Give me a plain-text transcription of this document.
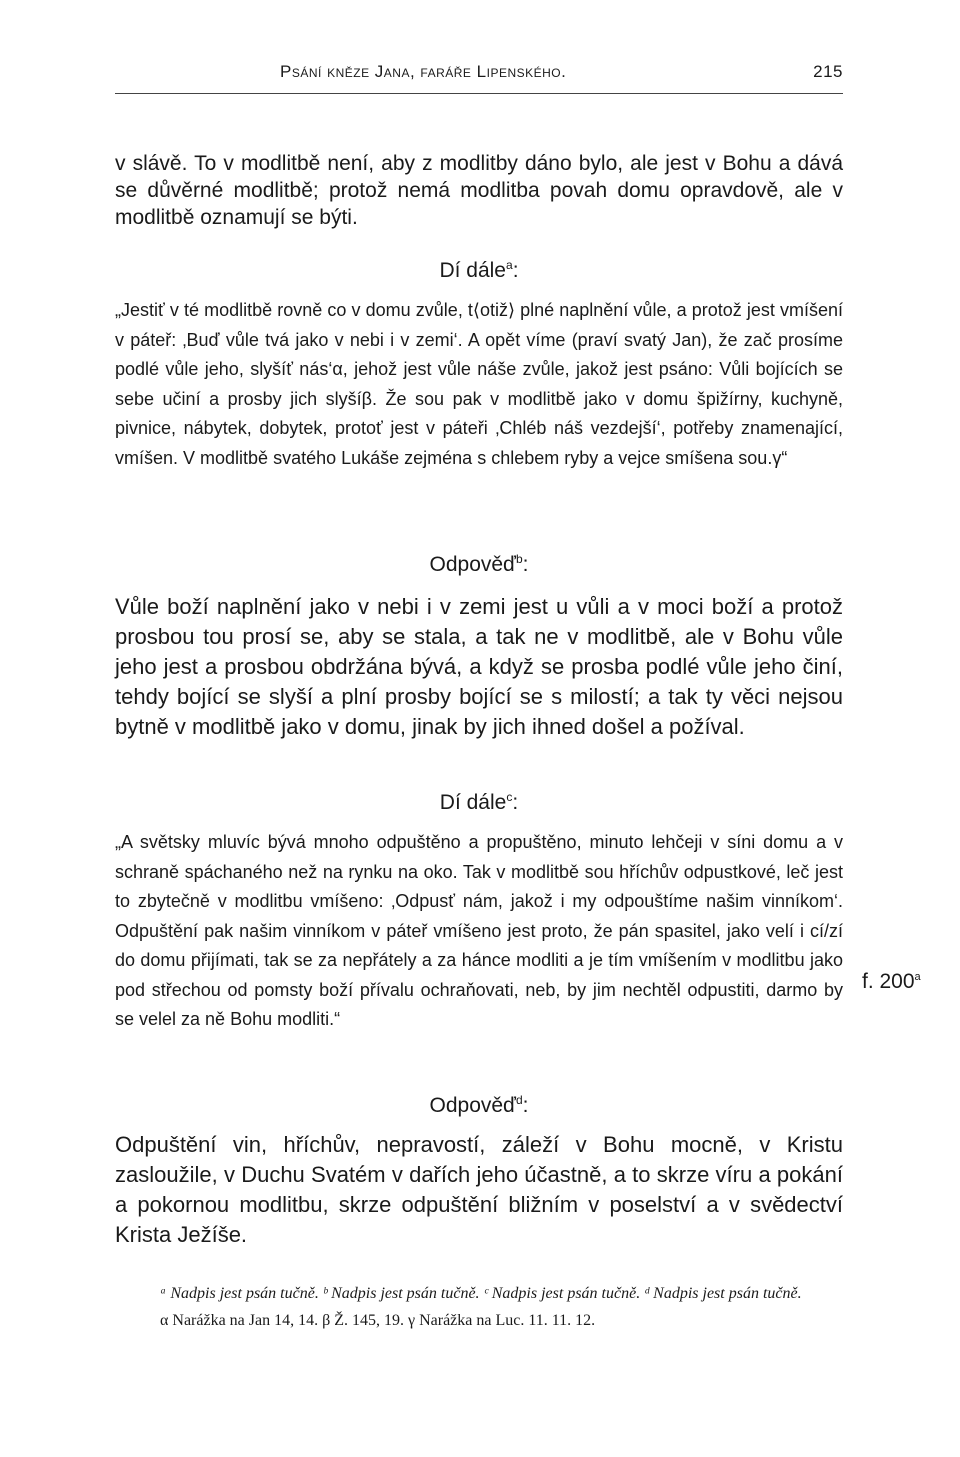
Psání kněze Jana, faráře Lipenského.	215

v slávě. To v modlitbě není, aby z modlitby dáno bylo, ale jest v Bohu a dává se důvěrné modlitbě; protož nemá modlitba povah domu opravdově, ale v modlitbě oznamují se býti.

Dí dále$^a$:

„Jestiť v té modlitbě rovně co v domu zvůle, t⟨otiž⟩ plné naplnění vůle, a protož jest vmíšení v páteř: ‚Buď vůle tvá jako v nebi i v zemi‘. A opět víme (praví svatý Jan), že zač prosíme podlé vůle jeho, slyšíť nás‘α, jehož jest vůle náše zvůle, jakož jest psáno: Vůli bojících se sebe učiní a prosby jich slyšíβ. Že sou pak v modlitbě jako v domu špižírny, kuchyně, pivnice, nábytek, dobytek, protoť jest v páteři ‚Chléb náš vezdejší‘, potřeby znamenající, vmíšen. V modlitbě svatého Lukáše zejména s chlebem ryby a vejce smíšena sou.γ“

Odpověď$^b$:

Vůle boží naplnění jako v nebi i v zemi jest u vůli a v moci boží a protož prosbou tou prosí se, aby se stala, a tak ne v modlitbě, ale v Bohu vůle jeho jest a prosbou obdržána bývá, a když se prosba podlé vůle jeho činí, tehdy bojící se slyší a plní prosby bojící se s milostí; a tak ty věci nejsou bytně v modlitbě jako v domu, jinak by jich ihned došel a požíval.

Dí dále$^c$:

„A světsky mluvíc bývá mnoho odpuštěno a propuštěno, minuto lehčeji v síni domu a v schraně spáchaného než na rynku na oko. Tak v modlitbě sou hříchův odpustkové, leč jest to zbytečně v modlitbu vmíšeno: ‚Odpusť nám, jakož i my odpouštíme našim vinníkom‘. Odpuštění pak našim vinníkom v páteř vmíšeno jest proto, že pán spasitel, jako velí i cí/zí do domu přijímati, tak se za nepřátely a za hánce modliti a je tím vmíšením v modlitbu jako pod střechou od pomsty boží přívalu ochraňovati, neb, by jim nechtěl odpustiti, darmo by se velel za ně Bohu modliti.“

f. 200$^a$

Odpověď$^d$:

Odpuštění vin, hříchův, nepravostí, záleží v Bohu mocně, v Kristu zasloužile, v Duchu Svatém v dařích jeho účastně, a to skrze víru a pokání a pokornou modlitbu, skrze odpuštění bližním v poselství a v svědectví Krista Ježíše.

ᵃ Nadpis jest psán tučně. ᵇ Nadpis jest psán tučně. ᶜ Nadpis jest psán tučně. ᵈ Nadpis jest psán tučně.

α Narážka na Jan 14, 14. β Ž. 145, 19. γ Narážka na Luc. 11. 11. 12.
